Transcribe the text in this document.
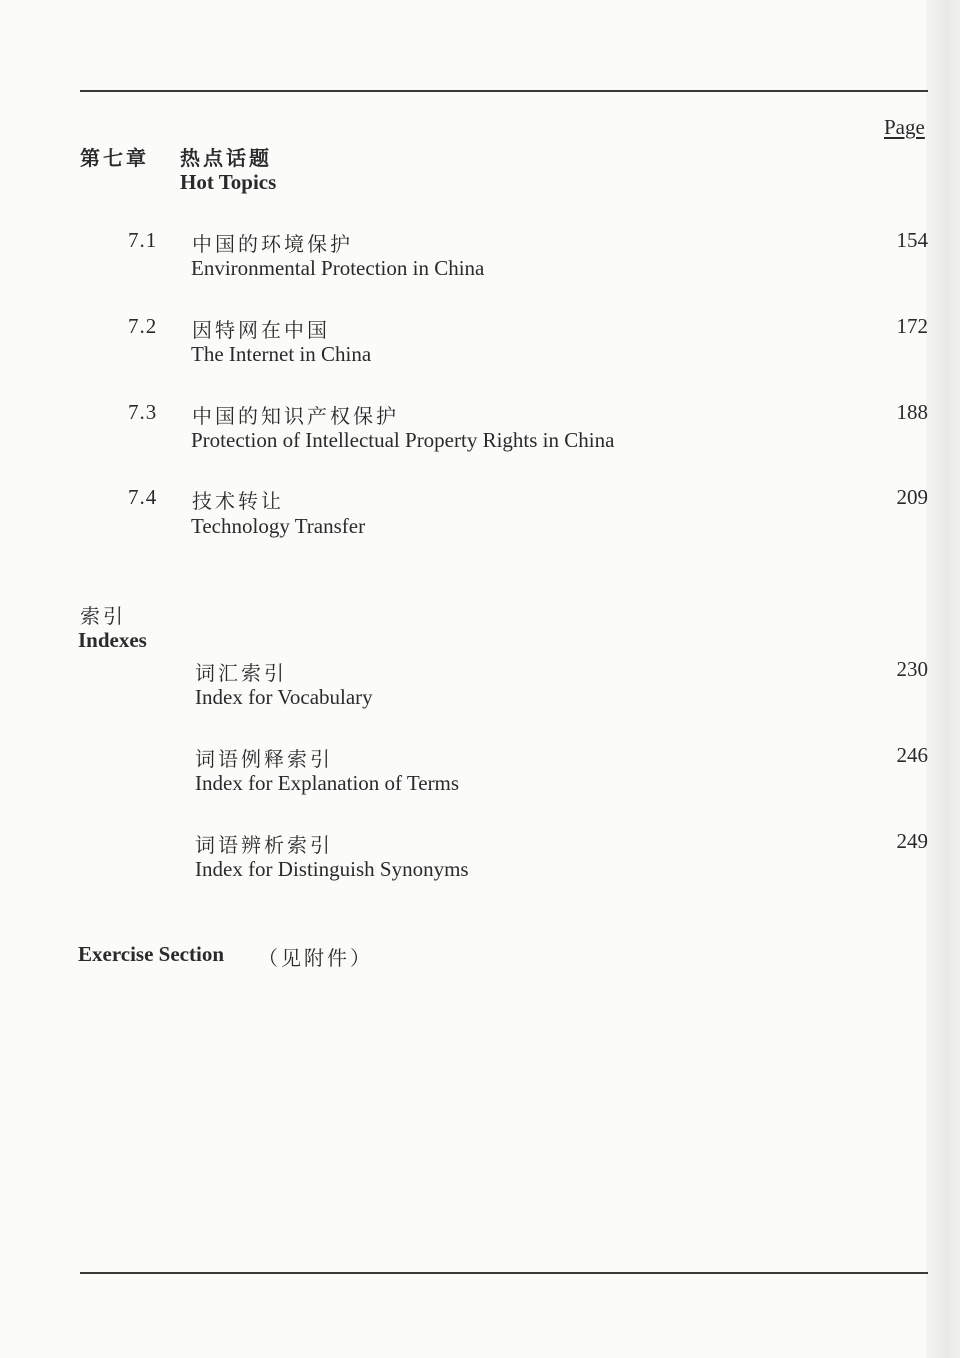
Page
第七章 热点话题
Hot Topics
7.1 中国的环境保护
Environmental Protection in China
154
7.2 因特网在中国
The Internet in China
172
7.3 中国的知识产权保护
Protection of Intellectual Property Rights in China
188
7.4 技术转让
Technology Transfer
209
索引
Indexes
词汇索引
Index for Vocabulary
230
词语例释索引
Index for Explanation of Terms
246
词语辨析索引
Index for Distinguish Synonyms
249
Exercise Section （见附件）
